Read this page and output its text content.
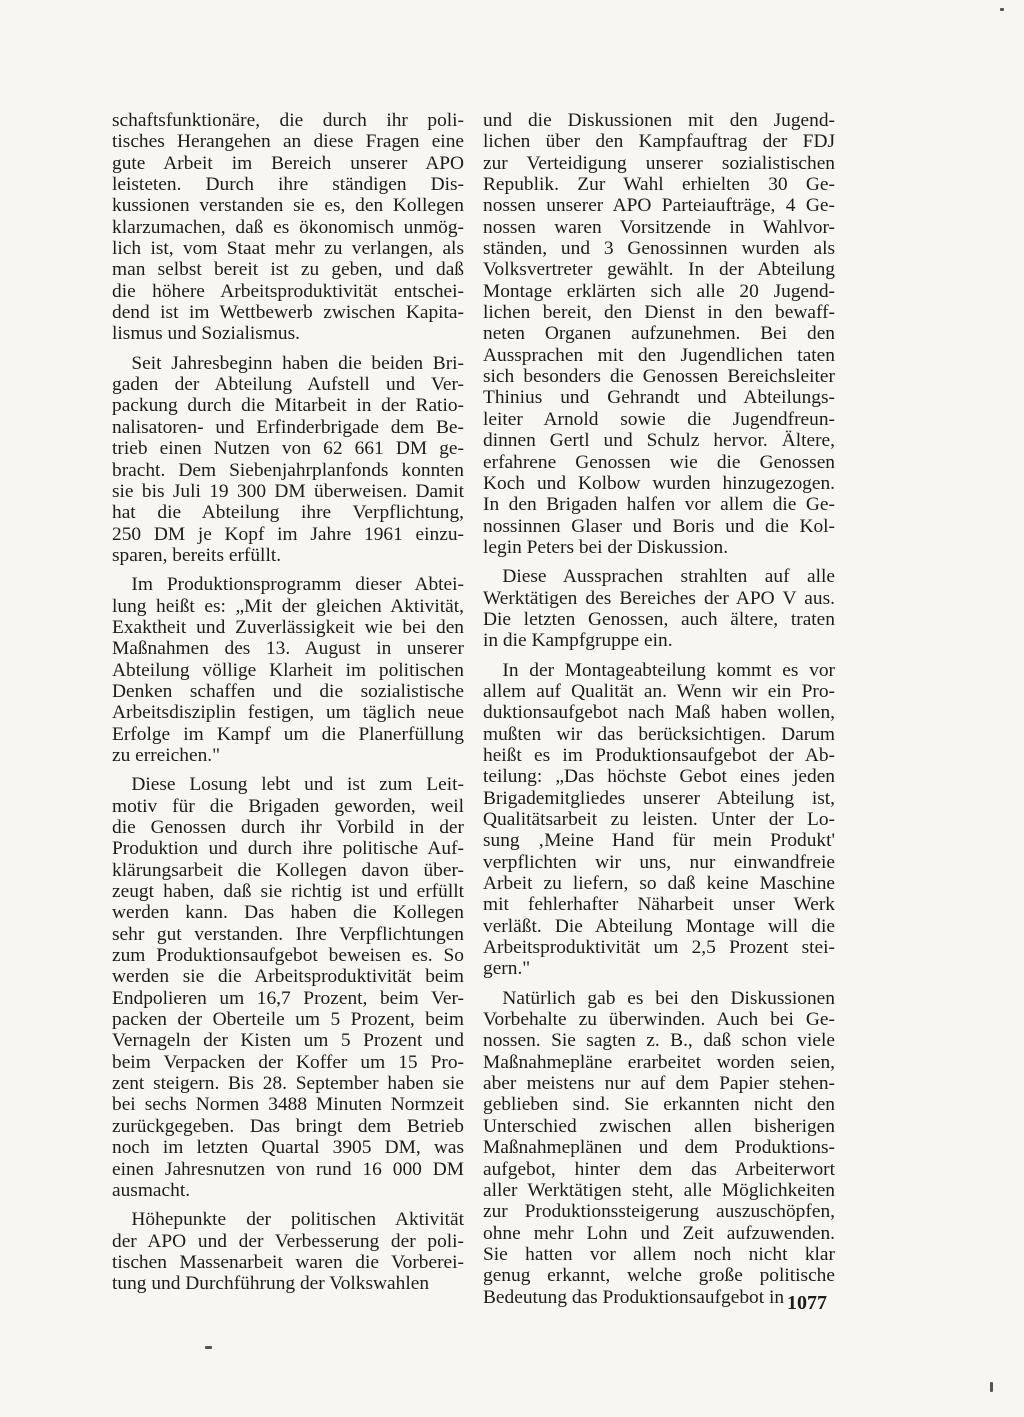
schaftsfunktionäre, die durch ihr poli-
tisches Herangehen an diese Fragen eine
gute Arbeit im Bereich unserer APO
leisteten. Durch ihre ständigen Dis-
kussionen verstanden sie es, den Kollegen
klarzumachen, daß es ökonomisch unmög-
lich ist, vom Staat mehr zu verlangen, als
man selbst bereit ist zu geben, und daß
die höhere Arbeitsproduktivität entschei-
dend ist im Wettbewerb zwischen Kapita-
lismus und Sozialismus.

Seit Jahresbeginn haben die beiden Bri-
gaden der Abteilung Aufstell und Ver-
packung durch die Mitarbeit in der Ratio-
nalisatoren- und Erfinderbrigade dem Be-
trieb einen Nutzen von 62 661 DM ge-
bracht. Dem Siebenjahrplanfonds konnten
sie bis Juli 19 300 DM überweisen. Damit
hat die Abteilung ihre Verpflichtung,
250 DM je Kopf im Jahre 1961 einzu-
sparen, bereits erfüllt.

Im Produktionsprogramm dieser Abtei-
lung heißt es: „Mit der gleichen Aktivität,
Exaktheit und Zuverlässigkeit wie bei den
Maßnahmen des 13. August in unserer
Abteilung völlige Klarheit im politischen
Denken schaffen und die sozialistische
Arbeitsdisziplin festigen, um täglich neue
Erfolge im Kampf um die Planerfüllung
zu erreichen."

Diese Losung lebt und ist zum Leit-
motiv für die Brigaden geworden, weil
die Genossen durch ihr Vorbild in der
Produktion und durch ihre politische Auf-
klärungsarbeit die Kollegen davon über-
zeugt haben, daß sie richtig ist und erfüllt
werden kann. Das haben die Kollegen
sehr gut verstanden. Ihre Verpflichtungen
zum Produktionsaufgebot beweisen es. So
werden sie die Arbeitsproduktivität beim
Endpolieren um 16,7 Prozent, beim Ver-
packen der Oberteile um 5 Prozent, beim
Vernageln der Kisten um 5 Prozent und
beim Verpacken der Koffer um 15 Pro-
zent steigern. Bis 28. September haben sie
bei sechs Normen 3488 Minuten Normzeit
zurückgegeben. Das bringt dem Betrieb
noch im letzten Quartal 3905 DM, was
einen Jahresnutzen von rund 16 000 DM
ausmacht.

Höhepunkte der politischen Aktivität
der APO und der Verbesserung der poli-
tischen Massenarbeit waren die Vorberei-
tung und Durchführung der Volkswahlen

und die Diskussionen mit den Jugend-
lichen über den Kampfauftrag der FDJ
zur Verteidigung unserer sozialistischen
Republik. Zur Wahl erhielten 30 Ge-
nossen unserer APO Parteiaufträge, 4 Ge-
nossen waren Vorsitzende in Wahlvor-
ständen, und 3 Genossinnen wurden als
Volksvertreter gewählt. In der Abteilung
Montage erklärten sich alle 20 Jugend-
lichen bereit, den Dienst in den bewaff-
neten Organen aufzunehmen. Bei den
Aussprachen mit den Jugendlichen taten
sich besonders die Genossen Bereichsleiter
Thinius und Gehrandt und Abteilungs-
leiter Arnold sowie die Jugendfreun-
dinnen Gertl und Schulz hervor. Ältere,
erfahrene Genossen wie die Genossen
Koch und Kolbow wurden hinzugezogen.
In den Brigaden halfen vor allem die Ge-
nossinnen Glaser und Boris und die Kol-
legin Peters bei der Diskussion.

Diese Aussprachen strahlten auf alle
Werktätigen des Bereiches der APO V aus.
Die letzten Genossen, auch ältere, traten
in die Kampfgruppe ein.

In der Montageabteilung kommt es vor
allem auf Qualität an. Wenn wir ein Pro-
duktionsaufgebot nach Maß haben wollen,
mußten wir das berücksichtigen. Darum
heißt es im Produktionsaufgebot der Ab-
teilung: „Das höchste Gebot eines jeden
Brigademitgliedes unserer Abteilung ist,
Qualitätsarbeit zu leisten. Unter der Lo-
sung ‚Meine Hand für mein Produkt'
verpflichten wir uns, nur einwandfreie
Arbeit zu liefern, so daß keine Maschine
mit fehlerhafter Näharbeit unser Werk
verläßt. Die Abteilung Montage will die
Arbeitsproduktivität um 2,5 Prozent stei-
gern."

Natürlich gab es bei den Diskussionen
Vorbehalte zu überwinden. Auch bei Ge-
nossen. Sie sagten z. B., daß schon viele
Maßnahmepläne erarbeitet worden seien,
aber meistens nur auf dem Papier stehen-
geblieben sind. Sie erkannten nicht den
Unterschied zwischen allen bisherigen
Maßnahmeplänen und dem Produktions-
aufgebot, hinter dem das Arbeiterwort
aller Werktätigen steht, alle Möglichkeiten
zur Produktionssteigerung auszuschöpfen,
ohne mehr Lohn und Zeit aufzuwenden.
Sie hatten vor allem noch nicht klar
genug erkannt, welche große politische
Bedeutung das Produktionsaufgebot in 1077
